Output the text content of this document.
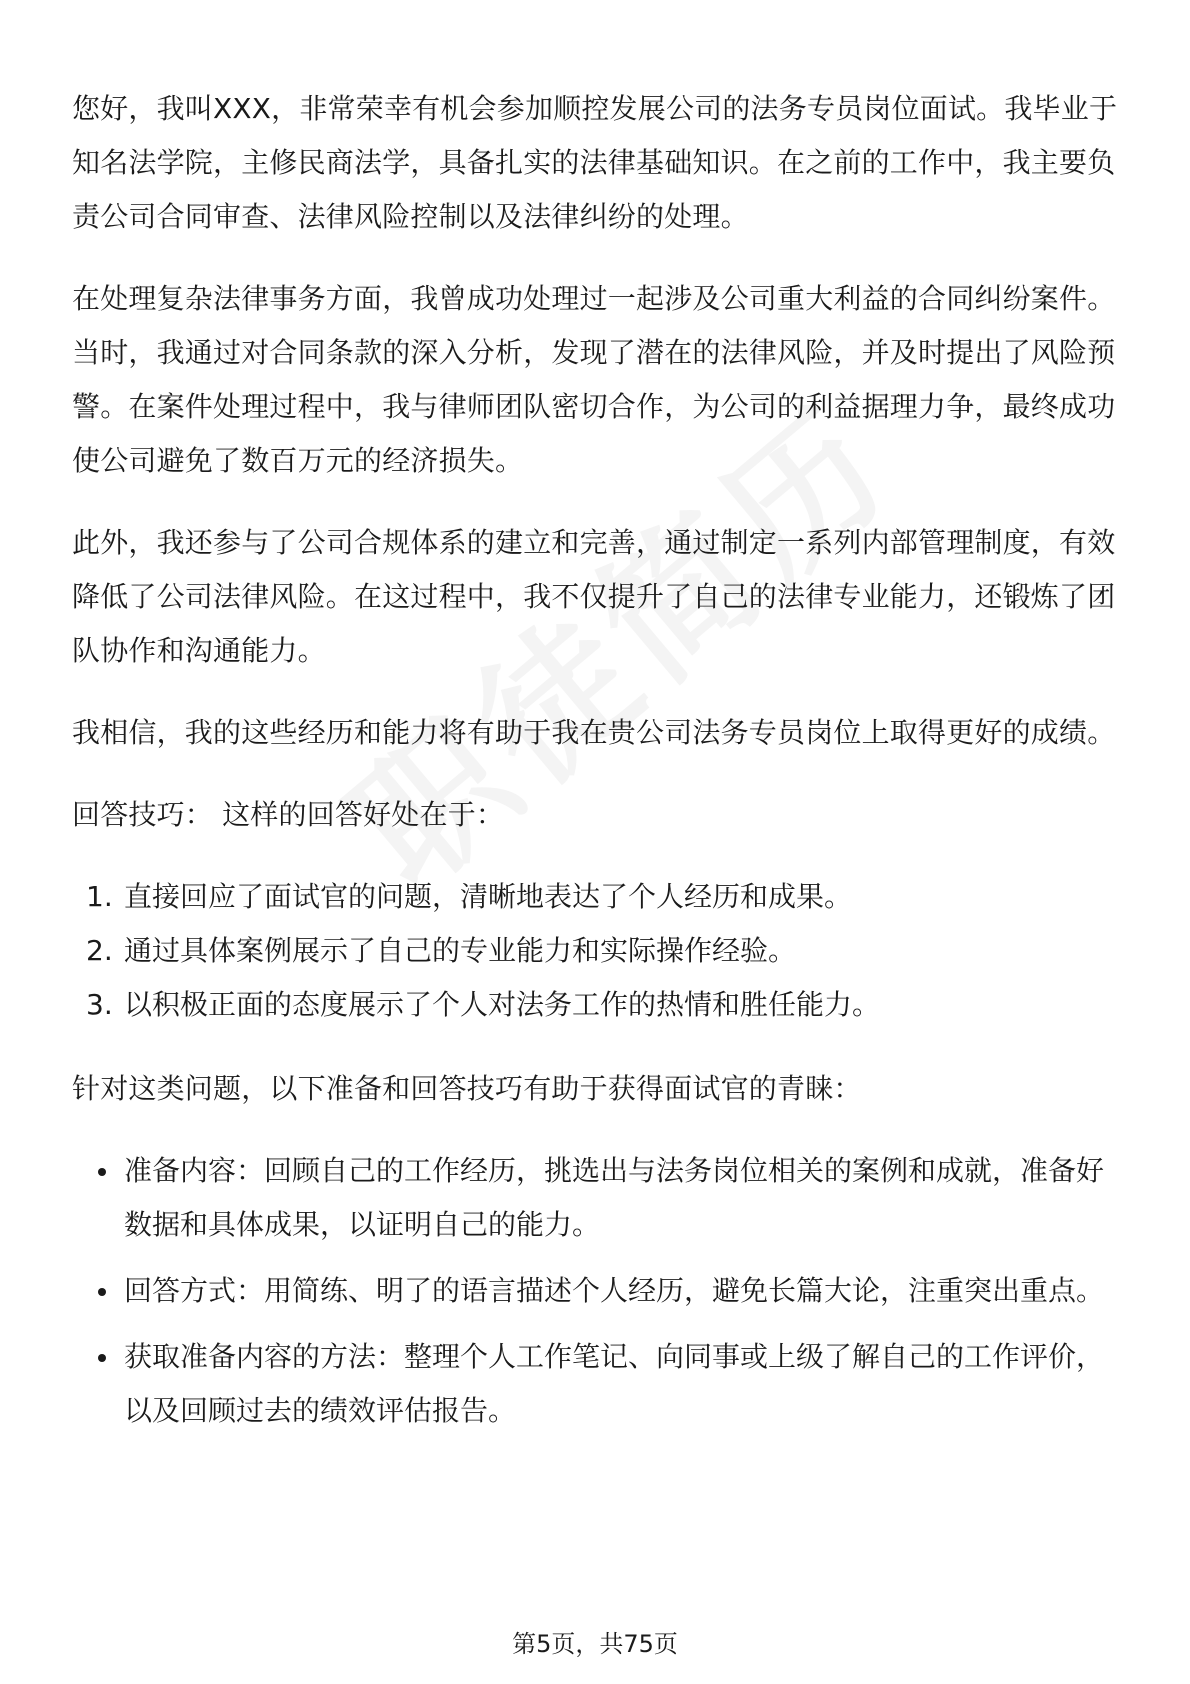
您好，我叫XXX，非常荣幸有机会参加顺控发展公司的法务专员岗位面试。我毕业于知名法学院，主修民商法学，具备扎实的法律基础知识。在之前的工作中，我主要负责公司合同审查、法律风险控制以及法律纠纷的处理。

在处理复杂法律事务方面，我曾成功处理过一起涉及公司重大利益的合同纠纷案件。当时，我通过对合同条款的深入分析，发现了潜在的法律风险，并及时提出了风险预警。在案件处理过程中，我与律师团队密切合作，为公司的利益据理力争，最终成功使公司避免了数百万元的经济损失。

此外，我还参与了公司合规体系的建立和完善，通过制定一系列内部管理制度，有效降低了公司法律风险。在这过程中，我不仅提升了自己的法律专业能力，还锻炼了团队协作和沟通能力。

我相信，我的这些经历和能力将有助于我在贵公司法务专员岗位上取得更好的成绩。

回答技巧： 这样的回答好处在于：

1. 直接回应了面试官的问题，清晰地表达了个人经历和成果。
2. 通过具体案例展示了自己的专业能力和实际操作经验。
3. 以积极正面的态度展示了个人对法务工作的热情和胜任能力。

针对这类问题，以下准备和回答技巧有助于获得面试官的青睐：

准备内容：回顾自己的工作经历，挑选出与法务岗位相关的案例和成就，准备好数据和具体成果，以证明自己的能力。
回答方式：用简练、明了的语言描述个人经历，避免长篇大论，注重突出重点。
获取准备内容的方法：整理个人工作笔记、向同事或上级了解自己的工作评价，以及回顾过去的绩效评估报告。
第5页，共75页
